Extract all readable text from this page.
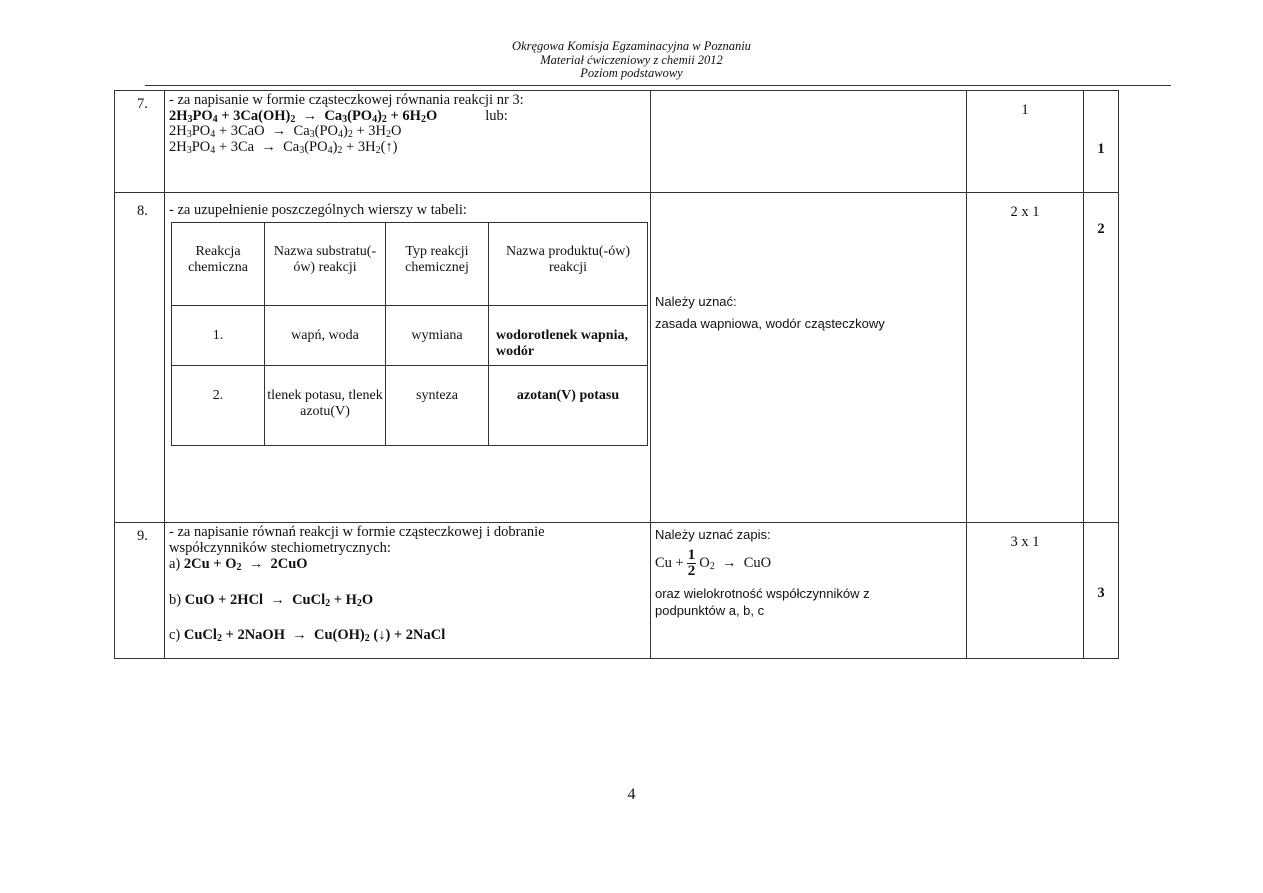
Okręgowa Komisja Egzaminacyjna w Poznaniu
Materiał ćwiczeniowy z chemii 2012
Poziom podstawowy
7.	- za napisanie w formie cząsteczkowej równania reakcji nr 3:
$2H_3PO_4 + 3Ca(OH)_2 \to Ca_3(PO_4)_2 + 6H_2O$	lub:
$2H_3PO_4 + 3CaO \to Ca_3(PO_4)_2 + 3H_2O$
$2H_3PO_4 + 3Ca \to Ca_3(PO_4)_2$ + $3H_2(↑)$
		1	1
8.	- za uzupełnienie poszczególnych wierszy w tabeli:
Reakcja chemiczna	Nazwa substratu(-ów) reakcji	Typ reakcji chemicznej	Nazwa produktu(-ów) reakcji
1.	wapń, woda	wymiana	wodorotlenek wapnia, wodór
2.	tlenek potasu, tlenek azotu(V)	synteza	azotan(V) potasu

Należy uznać:
zasada wapniowa, wodór cząsteczkowy
	2 x 1	2
9.	- za napisanie równań reakcji w formie cząsteczkowej i dobranie współczynników stechiometrycznych:
a) $2Cu + O_2 \to 2CuO$
b) CuO + 2HCl  →  CuCl$_2$ + $H_2O$
c) CuCl$_2$ + 2NaOH  →  $Cu(OH)_2$ (↓) + 2NaCl

Należy uznać zapis:
$Cu + \frac{1}{2} O_2$  →  CuO
oraz wielokrotność współczynników z podpunktów a, b, c
	3 x 1	3
4
